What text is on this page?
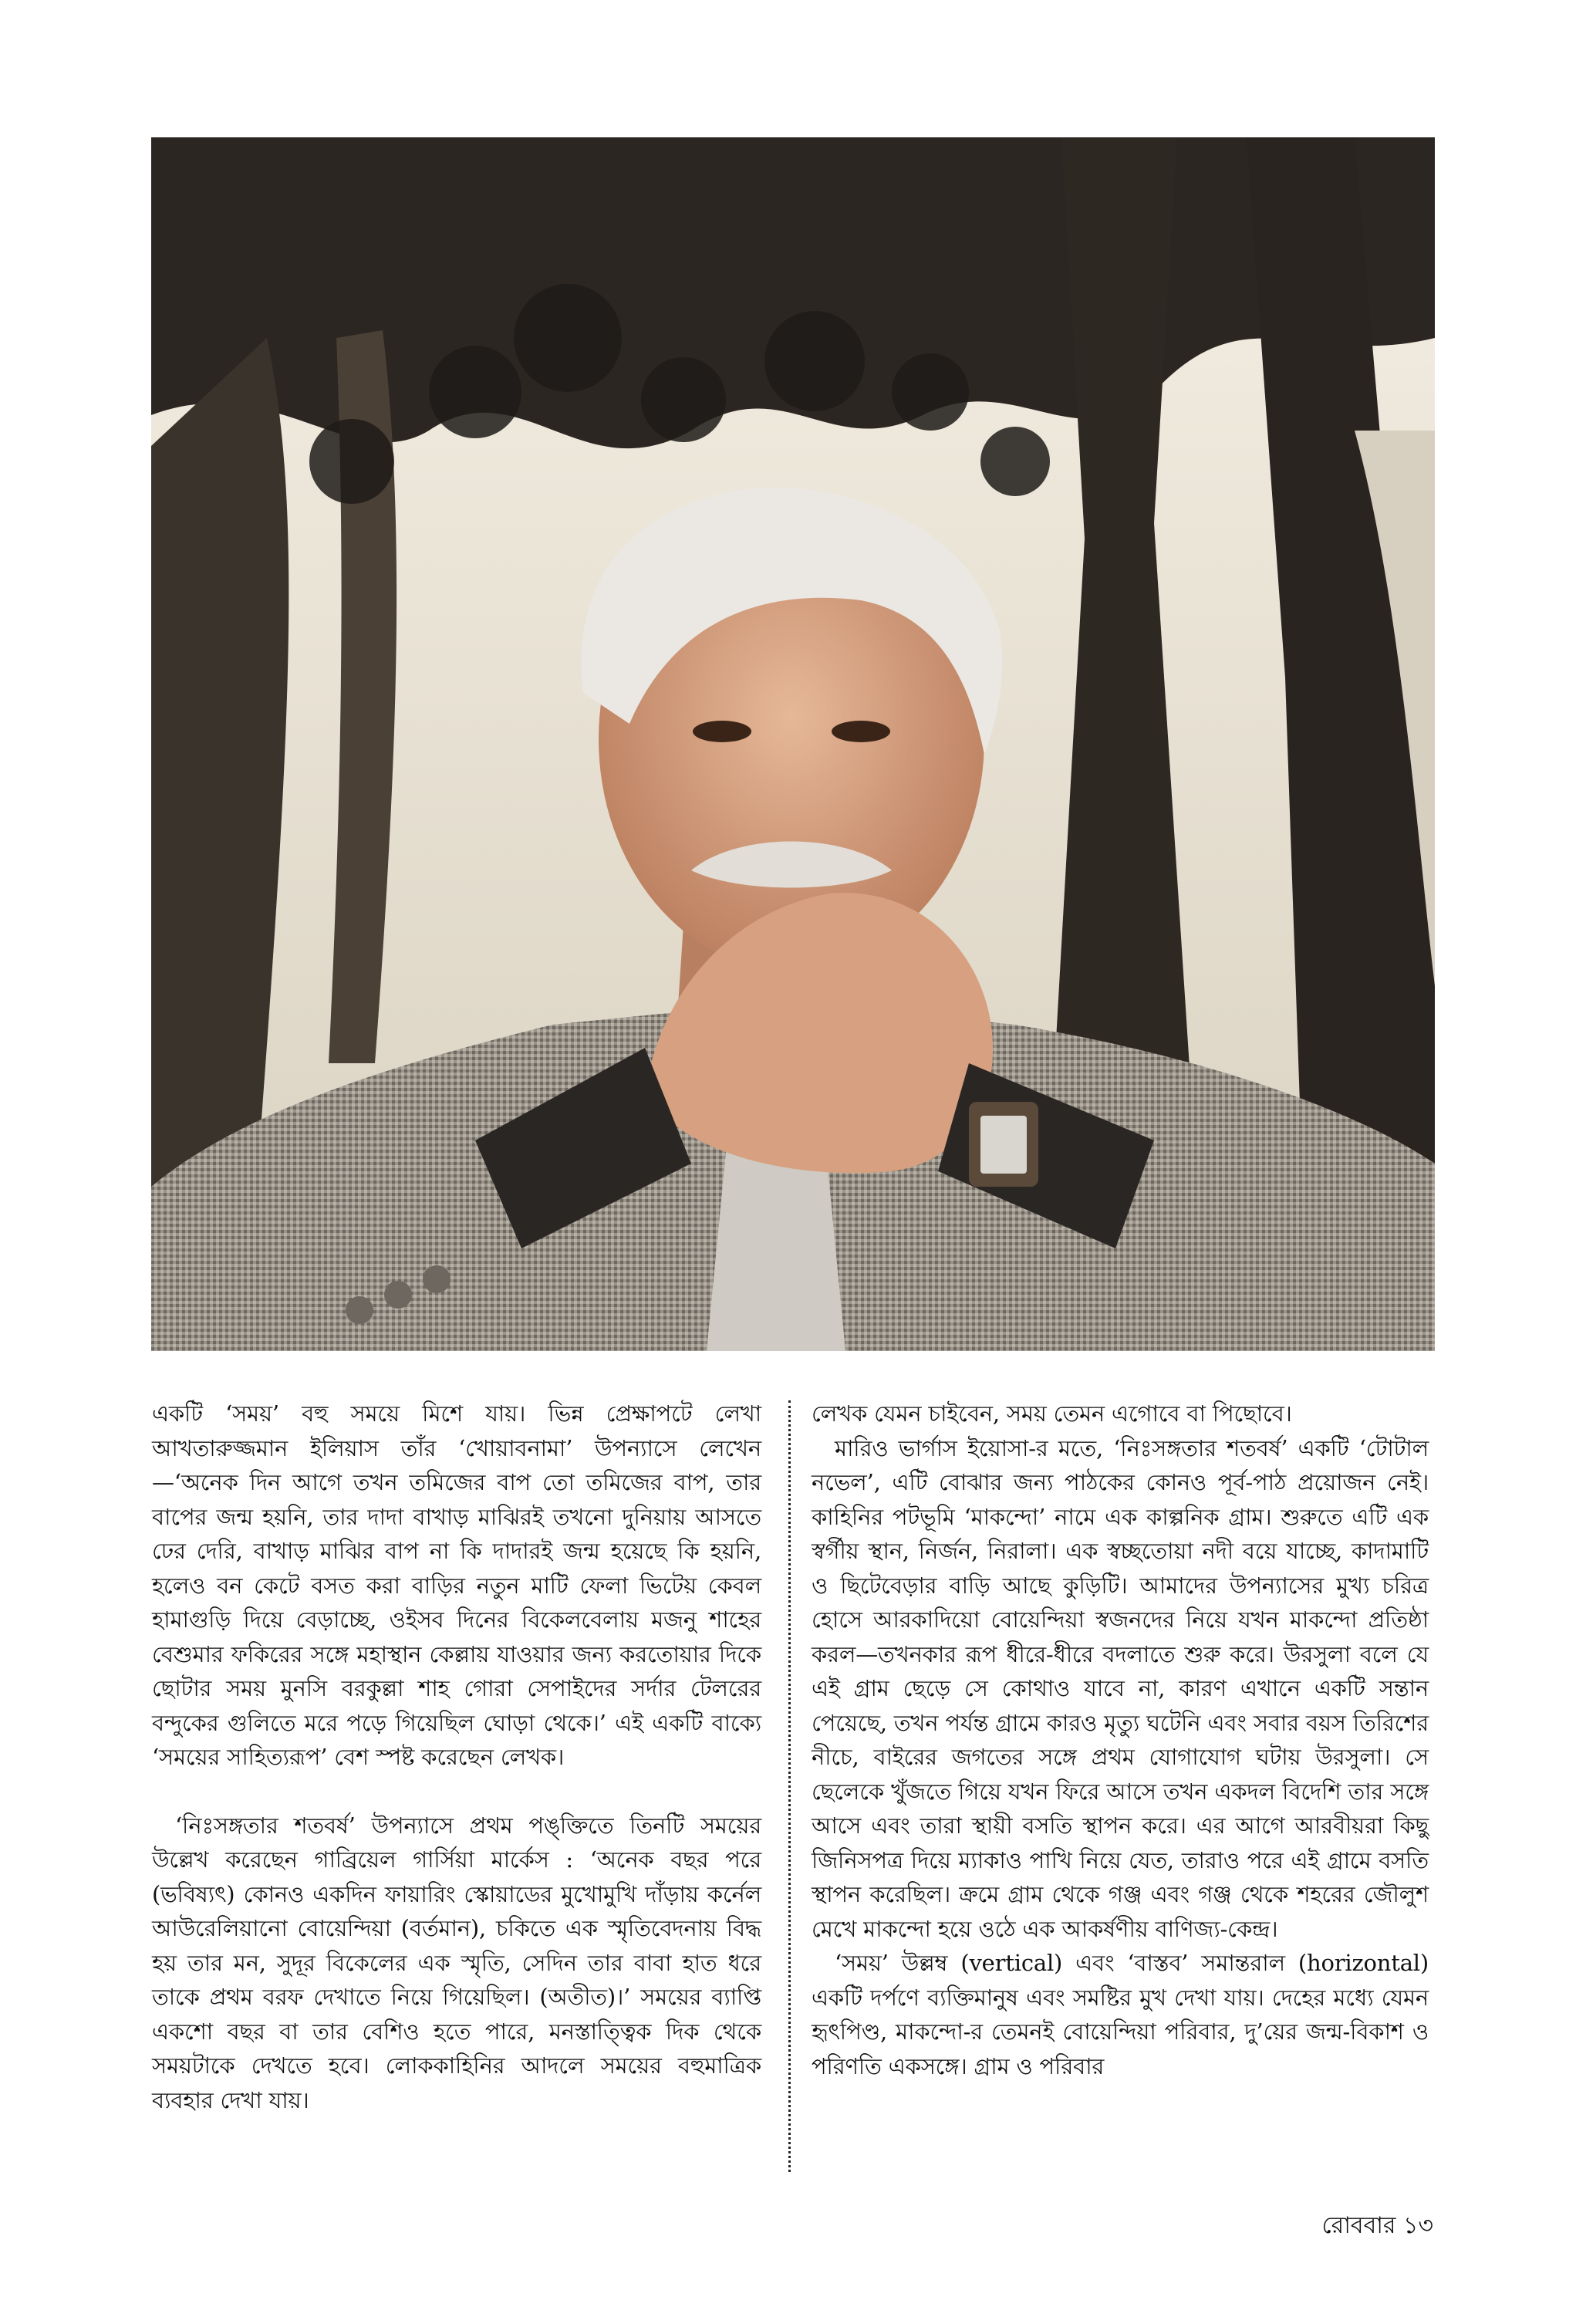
একটি ‘সময়’ বহু সময়ে মিশে যায়। ভিন্ন প্রেক্ষাপটে লেখা আখতারুজ্জমান ইলিয়াস তাঁর ‘খোয়াবনামা’ উপন্যাসে লেখেন—‘অনেক দিন আগে তখন তমিজের বাপ তো তমিজের বাপ, তার বাপের জন্ম হয়নি, তার দাদা বাখাড় মাঝিরই তখনো দুনিয়ায় আসতে ঢের দেরি, বাখাড় মাঝির বাপ না কি দাদারই জন্ম হয়েছে কি হয়নি, হলেও বন কেটে বসত করা বাড়ির নতুন মাটি ফেলা ভিটেয় কেবল হামাগুড়ি দিয়ে বেড়াচ্ছে, ওইসব দিনের বিকেলবেলায় মজনু শাহের বেশুমার ফকিরের সঙ্গে মহাস্থান কেল্লায় যাওয়ার জন্য করতোয়ার দিকে ছোটার সময় মুনসি বরকুল্লা শাহ গোরা সেপাইদের সর্দার টেলরের বন্দুকের গুলিতে মরে পড়ে গিয়েছিল ঘোড়া থেকে।’ এই একটি বাক্যে ‘সময়ের সাহিত্যরূপ’ বেশ স্পষ্ট করেছেন লেখক।

‘নিঃসঙ্গতার শতবর্ষ’ উপন্যাসে প্রথম পঙ্‌ক্তিতে তিনটি সময়ের উল্লেখ করেছেন গাব্রিয়েল গার্সিয়া মার্কেস : ‘অনেক বছর পরে (ভবিষ্যৎ) কোনও একদিন ফায়ারিং স্কোয়াডের মুখোমুখি দাঁড়ায় কর্নেল আউরেলিয়ানো বোয়েন্দিয়া (বর্তমান), চকিতে এক স্মৃতিবেদনায় বিদ্ধ হয় তার মন, সুদূর বিকেলের এক স্মৃতি, সেদিন তার বাবা হাত ধরে তাকে প্রথম বরফ দেখাতে নিয়ে গিয়েছিল। (অতীত)।’ সময়ের ব্যাপ্তি একশো বছর বা তার বেশিও হতে পারে, মনস্তাত্ত্বিক দিক থেকে সময়টাকে দেখতে হবে। লোককাহিনির আদলে সময়ের বহুমাত্রিক ব্যবহার দেখা যায়।

লেখক যেমন চাইবেন, সময় তেমন এগোবে বা পিছোবে।

মারিও ভার্গাস ইয়োসা-র মতে, ‘নিঃসঙ্গতার শতবর্ষ’ একটি ‘টোটাল নভেল’, এটি বোঝার জন্য পাঠকের কোনও পূর্ব-পাঠ প্রয়োজন নেই। কাহিনির পটভূমি ‘মাকন্দো’ নামে এক কাল্পনিক গ্রাম। শুরুতে এটি এক স্বর্গীয় স্থান, নির্জন, নিরালা। এক স্বচ্ছতোয়া নদী বয়ে যাচ্ছে, কাদামাটি ও ছিটেবেড়ার বাড়ি আছে কুড়িটি। আমাদের উপন্যাসের মুখ্য চরিত্র হোসে আরকাদিয়ো বোয়েন্দিয়া স্বজনদের নিয়ে যখন মাকন্দো প্রতিষ্ঠা করল—তখনকার রূপ ধীরে-ধীরে বদলাতে শুরু করে। উরসুলা বলে যে এই গ্রাম ছেড়ে সে কোথাও যাবে না, কারণ এখানে একটি সন্তান পেয়েছে, তখন পর্যন্ত গ্রামে কারও মৃত্যু ঘটেনি এবং সবার বয়স তিরিশের নীচে, বাইরের জগতের সঙ্গে প্রথম যোগাযোগ ঘটায় উরসুলা। সে ছেলেকে খুঁজতে গিয়ে যখন ফিরে আসে তখন একদল বিদেশি তার সঙ্গে আসে এবং তারা স্থায়ী বসতি স্থাপন করে। এর আগে আরবীয়রা কিছু জিনিসপত্র দিয়ে ম্যাকাও পাখি নিয়ে যেত, তারাও পরে এই গ্রামে বসতি স্থাপন করেছিল। ক্রমে গ্রাম থেকে গঞ্জ এবং গঞ্জ থেকে শহরের জৌলুশ মেখে মাকন্দো হয়ে ওঠে এক আকর্ষণীয় বাণিজ্য-কেন্দ্র।

‘সময়’ উল্লম্ব (vertical) এবং ‘বাস্তব’ সমান্তরাল (horizontal) একটি দর্পণে ব্যক্তিমানুষ এবং সমষ্টির মুখ দেখা যায়। দেহের মধ্যে যেমন হৃৎপিণ্ড, মাকন্দো-র তেমনই বোয়েন্দিয়া পরিবার, দু’য়ের জন্ম-বিকাশ ও পরিণতি একসঙ্গে। গ্রাম ও পরিবার

রোববার ১৩
